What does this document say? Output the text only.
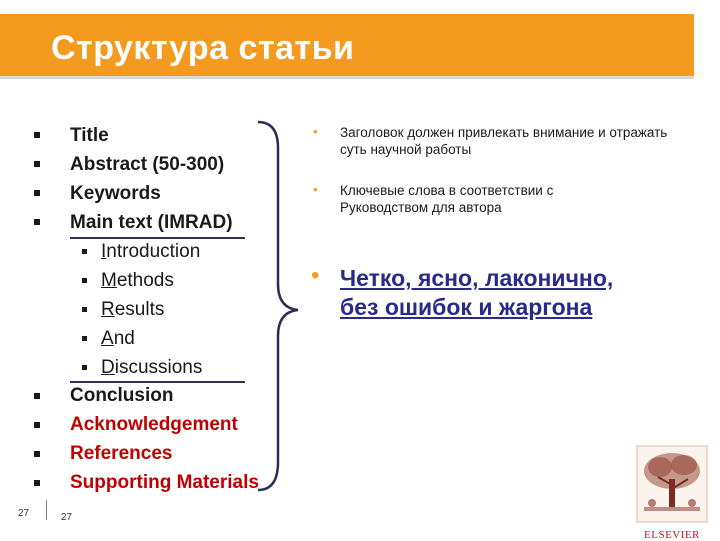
Структура статьи
Title
Abstract (50-300)
Keywords
Main text (IMRAD)
Introduction
Methods
Results
And
Discussions
Conclusion
Acknowledgement
References
Supporting Materials
• Заголовок должен привлекать внимание и отражать суть научной работы
• Ключевые слова в соответствии с Руководством для автора
• Четко, ясно, лаконично,
без ошибок и жаргона
27	27
ELSEVIER
